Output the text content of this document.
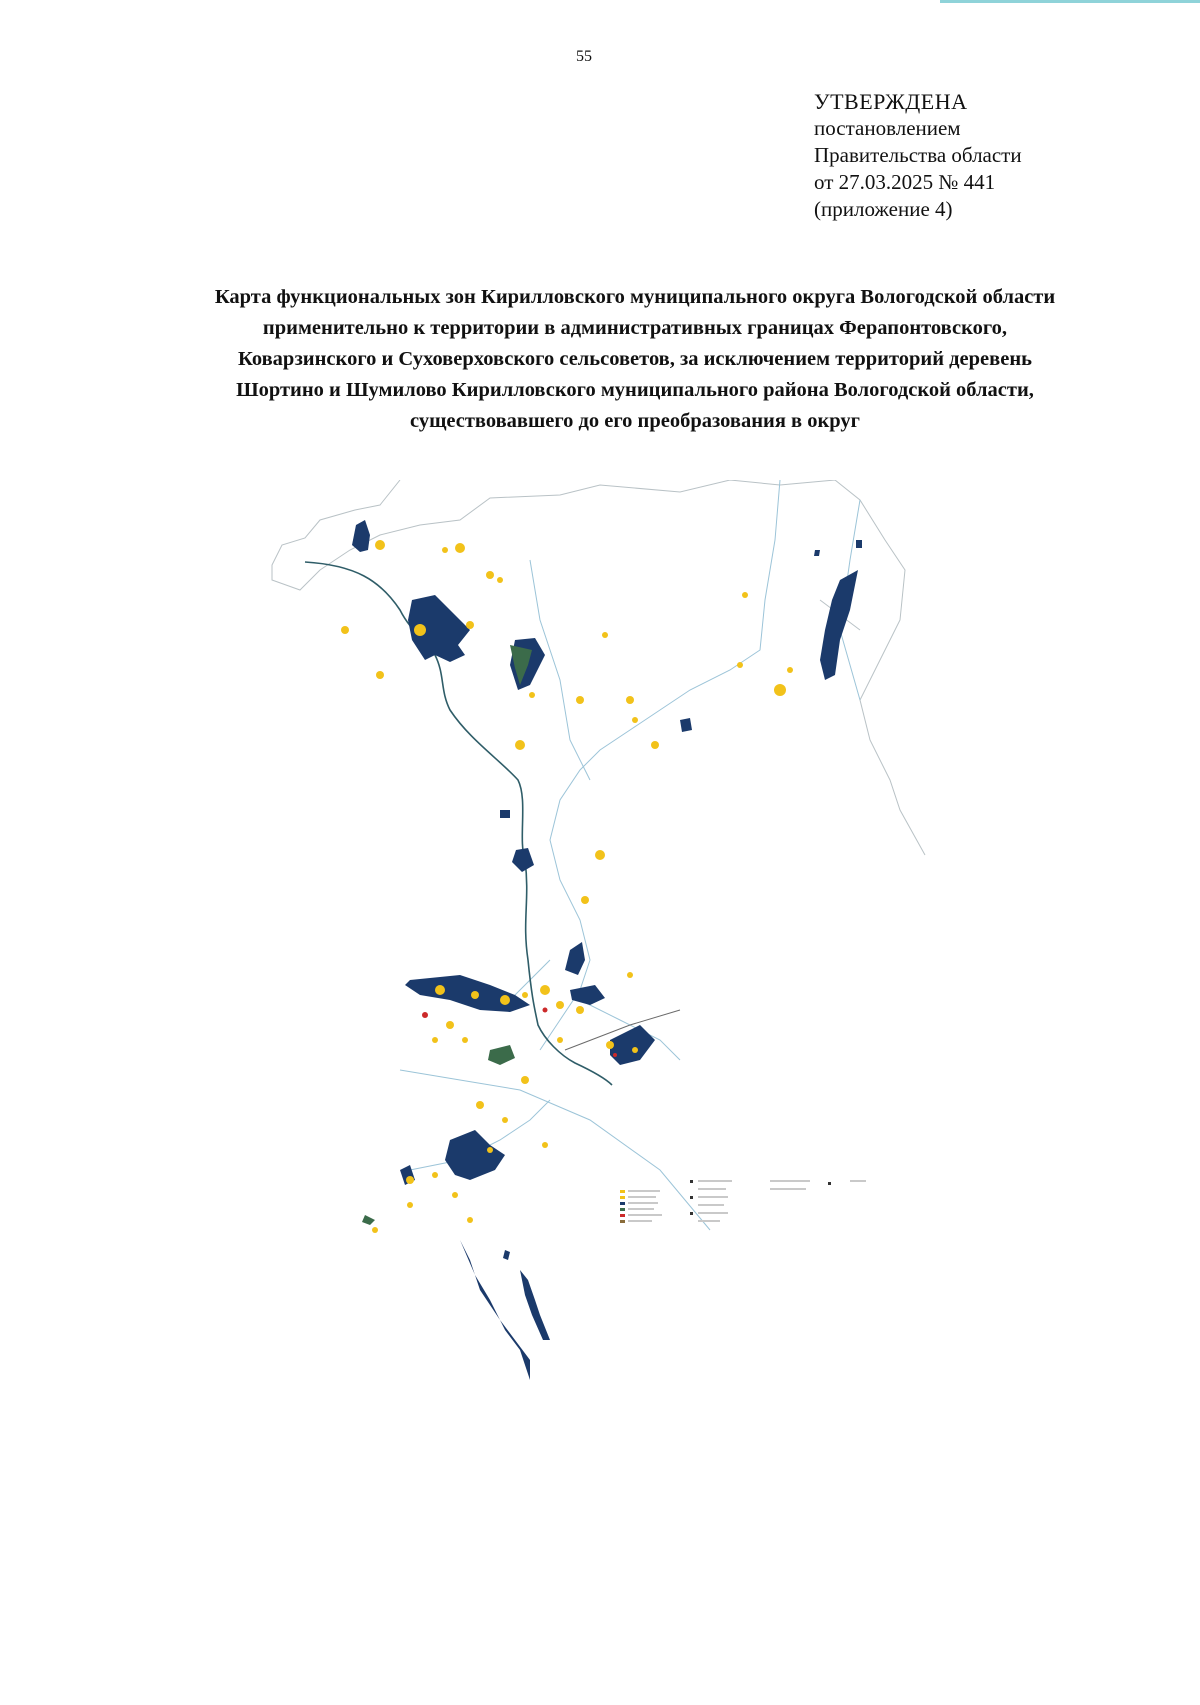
55
УТВЕРЖДЕНА
постановлением
Правительства области
от 27.03.2025 № 441
(приложение 4)
Карта функциональных зон Кирилловского муниципального округа Вологодской области
применительно к территории в административных границах Ферапонтовского,
Коварзинского и Суховерховского сельсоветов, за исключением территорий деревень
Шортино и Шумилово Кирилловского муниципального района Вологодской области,
существовавшего до его преобразования в округ
